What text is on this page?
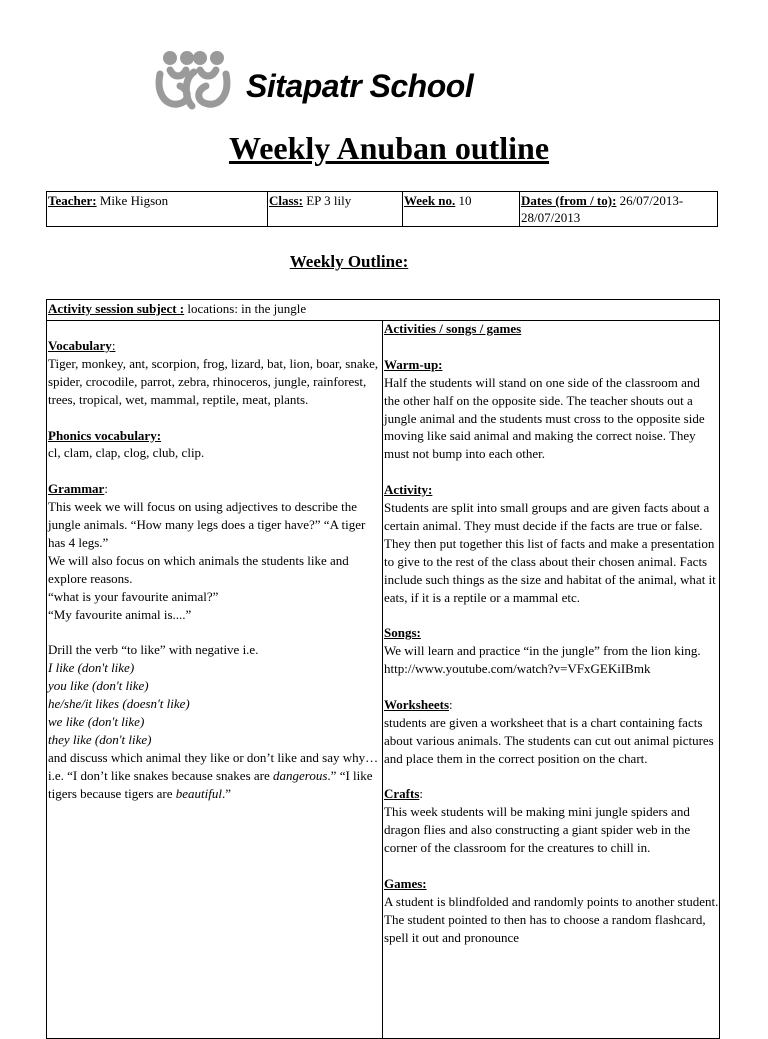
Sitapatr School
Weekly Anuban outline
Teacher: Mike Higson	Class: EP 3 lily	Week no. 10	Dates (from / to): 26/07/2013-28/07/2013
Weekly Outline:
Activity session subject : locations: in the jungle

Vocabulary:

Tiger, monkey, ant, scorpion, frog, lizard, bat, lion, boar, snake, spider, crocodile, parrot, zebra, rhinoceros, jungle, rainforest, trees, tropical, wet, mammal, reptile, meat, plants.

Phonics vocabulary:

cl, clam, clap, clog, club, clip.

Grammar:

This week we will focus on using adjectives to describe the jungle animals. “How many legs does a tiger have?” “A tiger has 4 legs.”

We will also focus on which animals the students like and explore reasons.

“what is your favourite animal?”

“My favourite animal is....”

Drill the verb “to like” with negative i.e.

I like (don't like)

you like (don't like)

he/she/it likes (doesn't like)

we like (don't like)

they like (don't like)

and discuss which animal they like or don’t like and say why…i.e. “I don’t like snakes because snakes are dangerous.” “I like tigers because tigers are beautiful.”

Activities / songs / games

Warm-up:

Half the students will stand on one side of the classroom and the other half on the opposite side. The teacher shouts out a jungle animal and the students must cross to the opposite side moving like said animal and making the correct noise. They must not bump into each other.

Activity:

Students are split into small groups and are given facts about a certain animal. They must decide if the facts are true or false. They then put together this list of facts and make a presentation to give to the rest of the class about their chosen animal. Facts include such things as the size and habitat of the animal, what it eats, if it is a reptile or a mammal etc.

Songs:

We will learn and practice “in the jungle” from the lion king. http://www.youtube.com/watch?v=VFxGEKiIBmk

Worksheets:

students are given a worksheet that is a chart containing facts about various animals. The students can cut out animal pictures and place them in the correct position on the chart.

Crafts:

This week students will be making mini jungle spiders and dragon flies and also constructing a giant spider web in the corner of the classroom for the creatures to chill in.

Games:

A student is blindfolded and randomly points to another student. The student pointed to then has to choose a random flashcard, spell it out and pronounce
